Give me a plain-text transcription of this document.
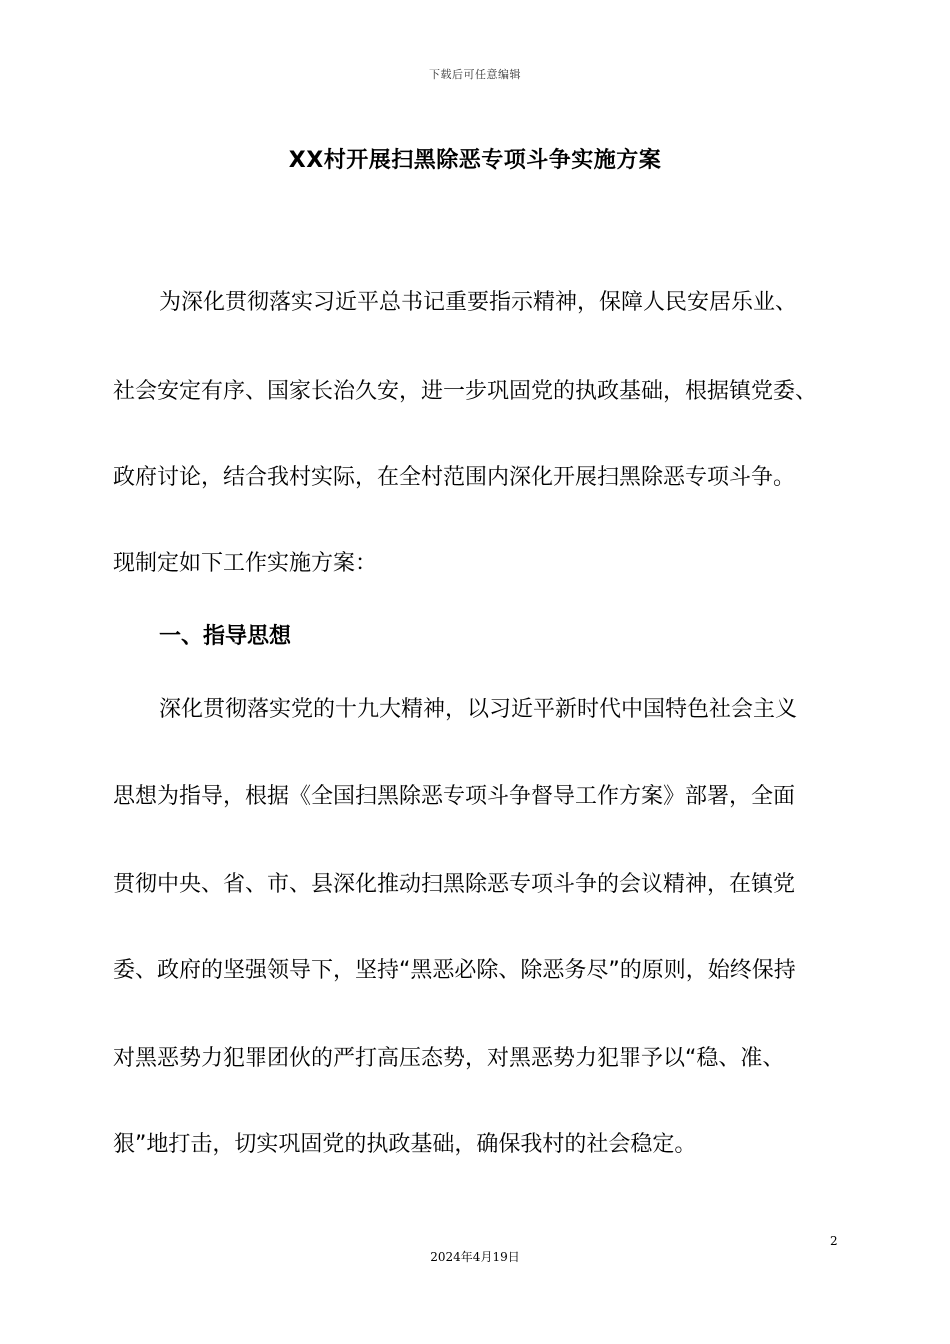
下载后可任意编辑
XX村开展扫黑除恶专项斗争实施方案
为深化贯彻落实习近平总书记重要指示精神，保障人民安居乐业、
社会安定有序、国家长治久安，进一步巩固党的执政基础，根据镇党委、
政府讨论，结合我村实际，在全村范围内深化开展扫黑除恶专项斗争。
现制定如下工作实施方案：
一、指导思想
深化贯彻落实党的十九大精神，以习近平新时代中国特色社会主义
思想为指导，根据《全国扫黑除恶专项斗争督导工作方案》部署，全面
贯彻中央、省、市、县深化推动扫黑除恶专项斗争的会议精神，在镇党
委、政府的坚强领导下，坚持“黑恶必除、除恶务尽”的原则，始终保持
对黑恶势力犯罪团伙的严打高压态势，对黑恶势力犯罪予以“稳、准、
狠”地打击，切实巩固党的执政基础，确保我村的社会稳定。
2
2024年4月19日
